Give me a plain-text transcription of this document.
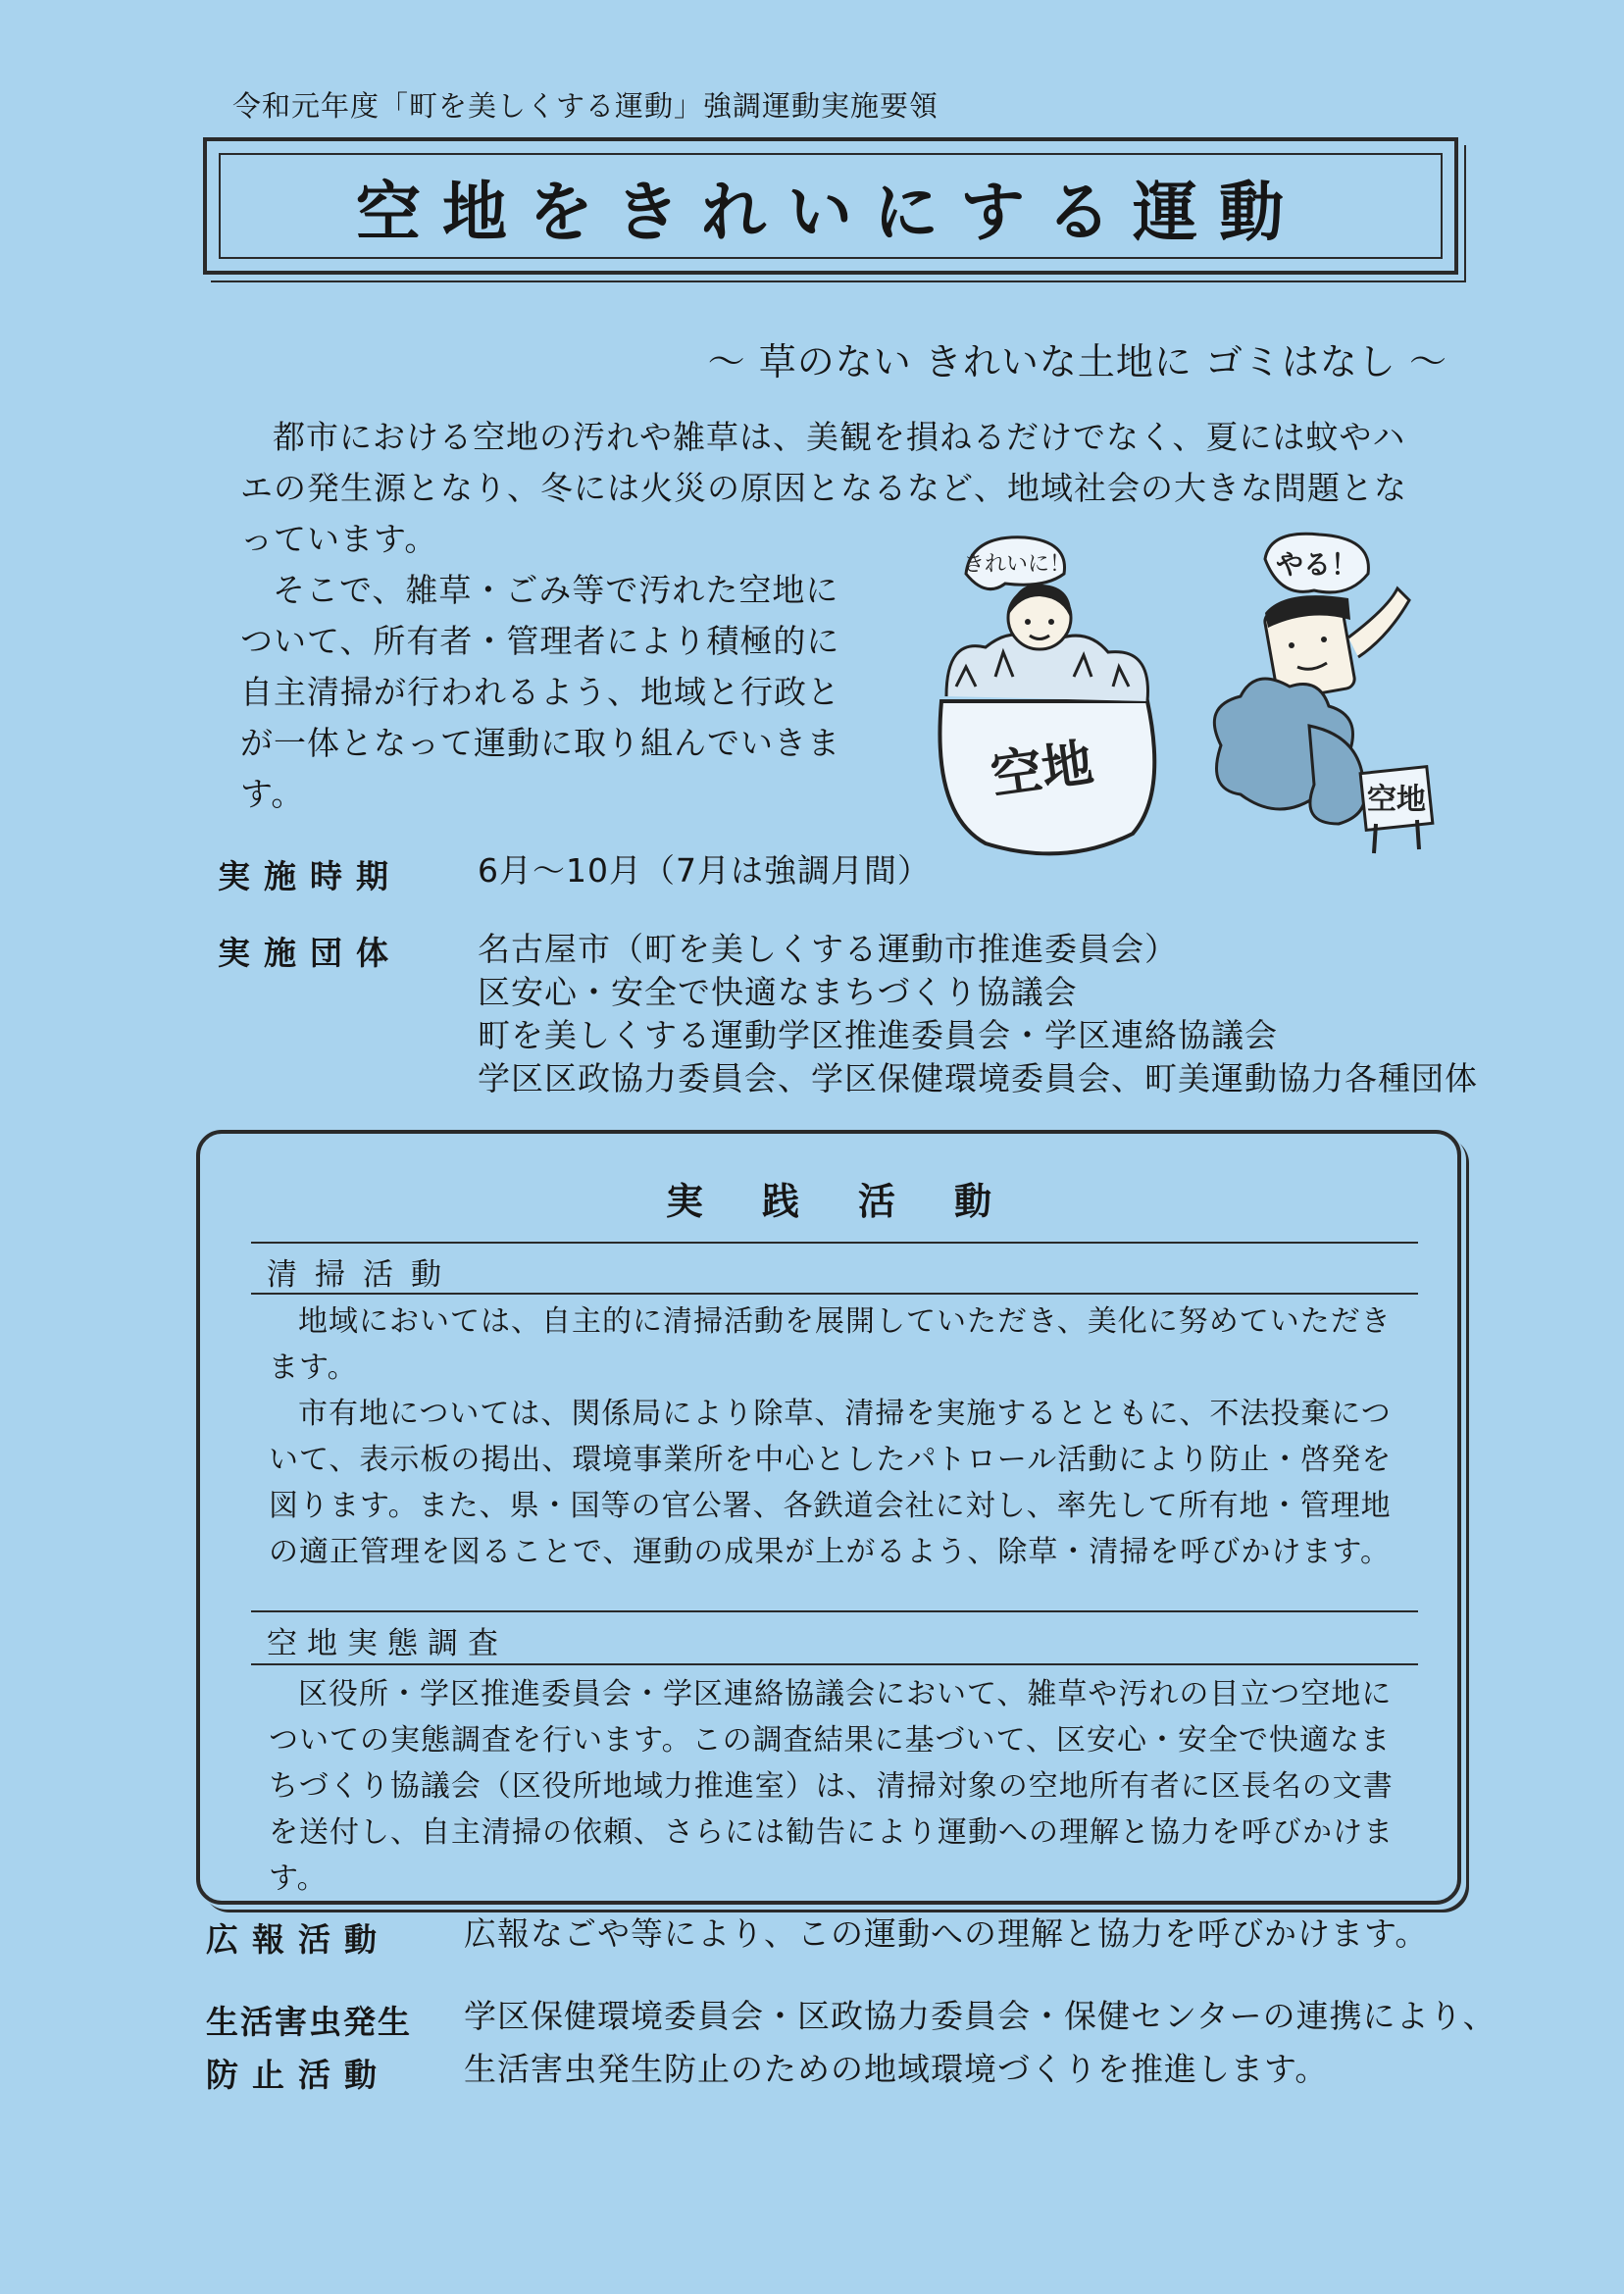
令和元年度「町を美しくする運動」強調運動実施要領
空地をきれいにする運動
～ 草のない きれいな土地に ゴミはなし ～
都市における空地の汚れや雑草は、美観を損ねるだけでなく、夏には蚊やハエの発生源となり、冬には火災の原因となるなど、地域社会の大きな問題となっています。
そこで、雑草・ごみ等で汚れた空地について、所有者・管理者により積極的に自主清掃が行われるよう、地域と行政とが一体となって運動に取り組んでいきます。
きれいに！
空地
やる！
空地
実施時期 6月～10月（7月は強調月間）
実施団体 名古屋市（町を美しくする運動市推進委員会）
区安心・安全で快適なまちづくり協議会
町を美しくする運動学区推進委員会・学区連絡協議会
学区区政協力委員会、学区保健環境委員会、町美運動協力各種団体
実践活動
清掃活動
地域においては、自主的に清掃活動を展開していただき、美化に努めていただきます。
市有地については、関係局により除草、清掃を実施するとともに、不法投棄について、表示板の掲出、環境事業所を中心としたパトロール活動により防止・啓発を図ります。また、県・国等の官公署、各鉄道会社に対し、率先して所有地・管理地の適正管理を図ることで、運動の成果が上がるよう、除草・清掃を呼びかけます。
空地実態調査
区役所・学区推進委員会・学区連絡協議会において、雑草や汚れの目立つ空地についての実態調査を行います。この調査結果に基づいて、区安心・安全で快適なまちづくり協議会（区役所地域力推進室）は、清掃対象の空地所有者に区長名の文書を送付し、自主清掃の依頼、さらには勧告により運動への理解と協力を呼びかけます。
広報活動 広報なごや等により、この運動への理解と協力を呼びかけます。
生活害虫発生
防止活動
学区保健環境委員会・区政協力委員会・保健センターの連携により、
生活害虫発生防止のための地域環境づくりを推進します。
